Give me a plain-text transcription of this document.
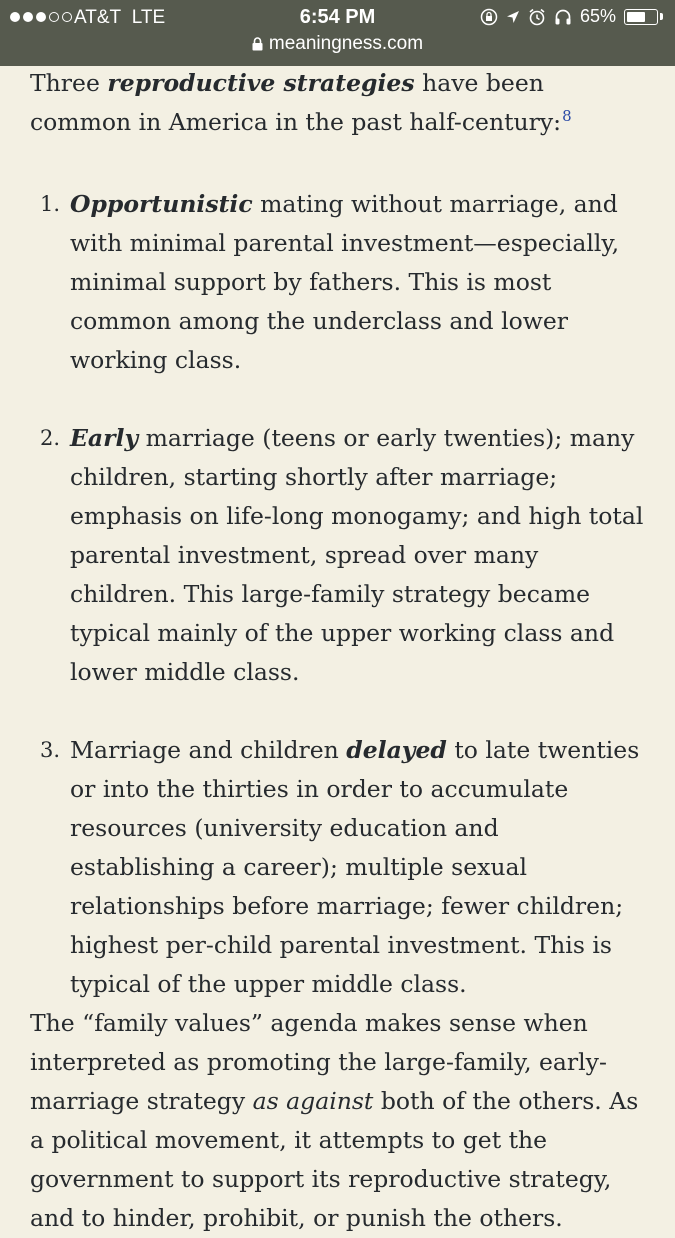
AT&T LTE	6:54 PM	65%
meaningness.com

Three reproductive strategies have been common in America in the past half-century:$^8$

1. Opportunistic mating without marriage, and with minimal parental investment—especially, minimal support by fathers. This is most common among the underclass and lower working class.
2. Early marriage (teens or early twenties); many children, starting shortly after marriage; emphasis on life-long monogamy; and high total parental investment, spread over many children. This large-family strategy became typical mainly of the upper working class and lower middle class.
3. Marriage and children delayed to late twenties or into the thirties in order to accumulate resources (university education and establishing a career); multiple sexual relationships before marriage; fewer children; highest per-child parental investment. This is typical of the upper middle class.

The “family values” agenda makes sense when interpreted as promoting the large-family, early-marriage strategy as against both of the others. As a political movement, it attempts to get the government to support its reproductive strategy, and to hinder, prohibit, or punish the others.
